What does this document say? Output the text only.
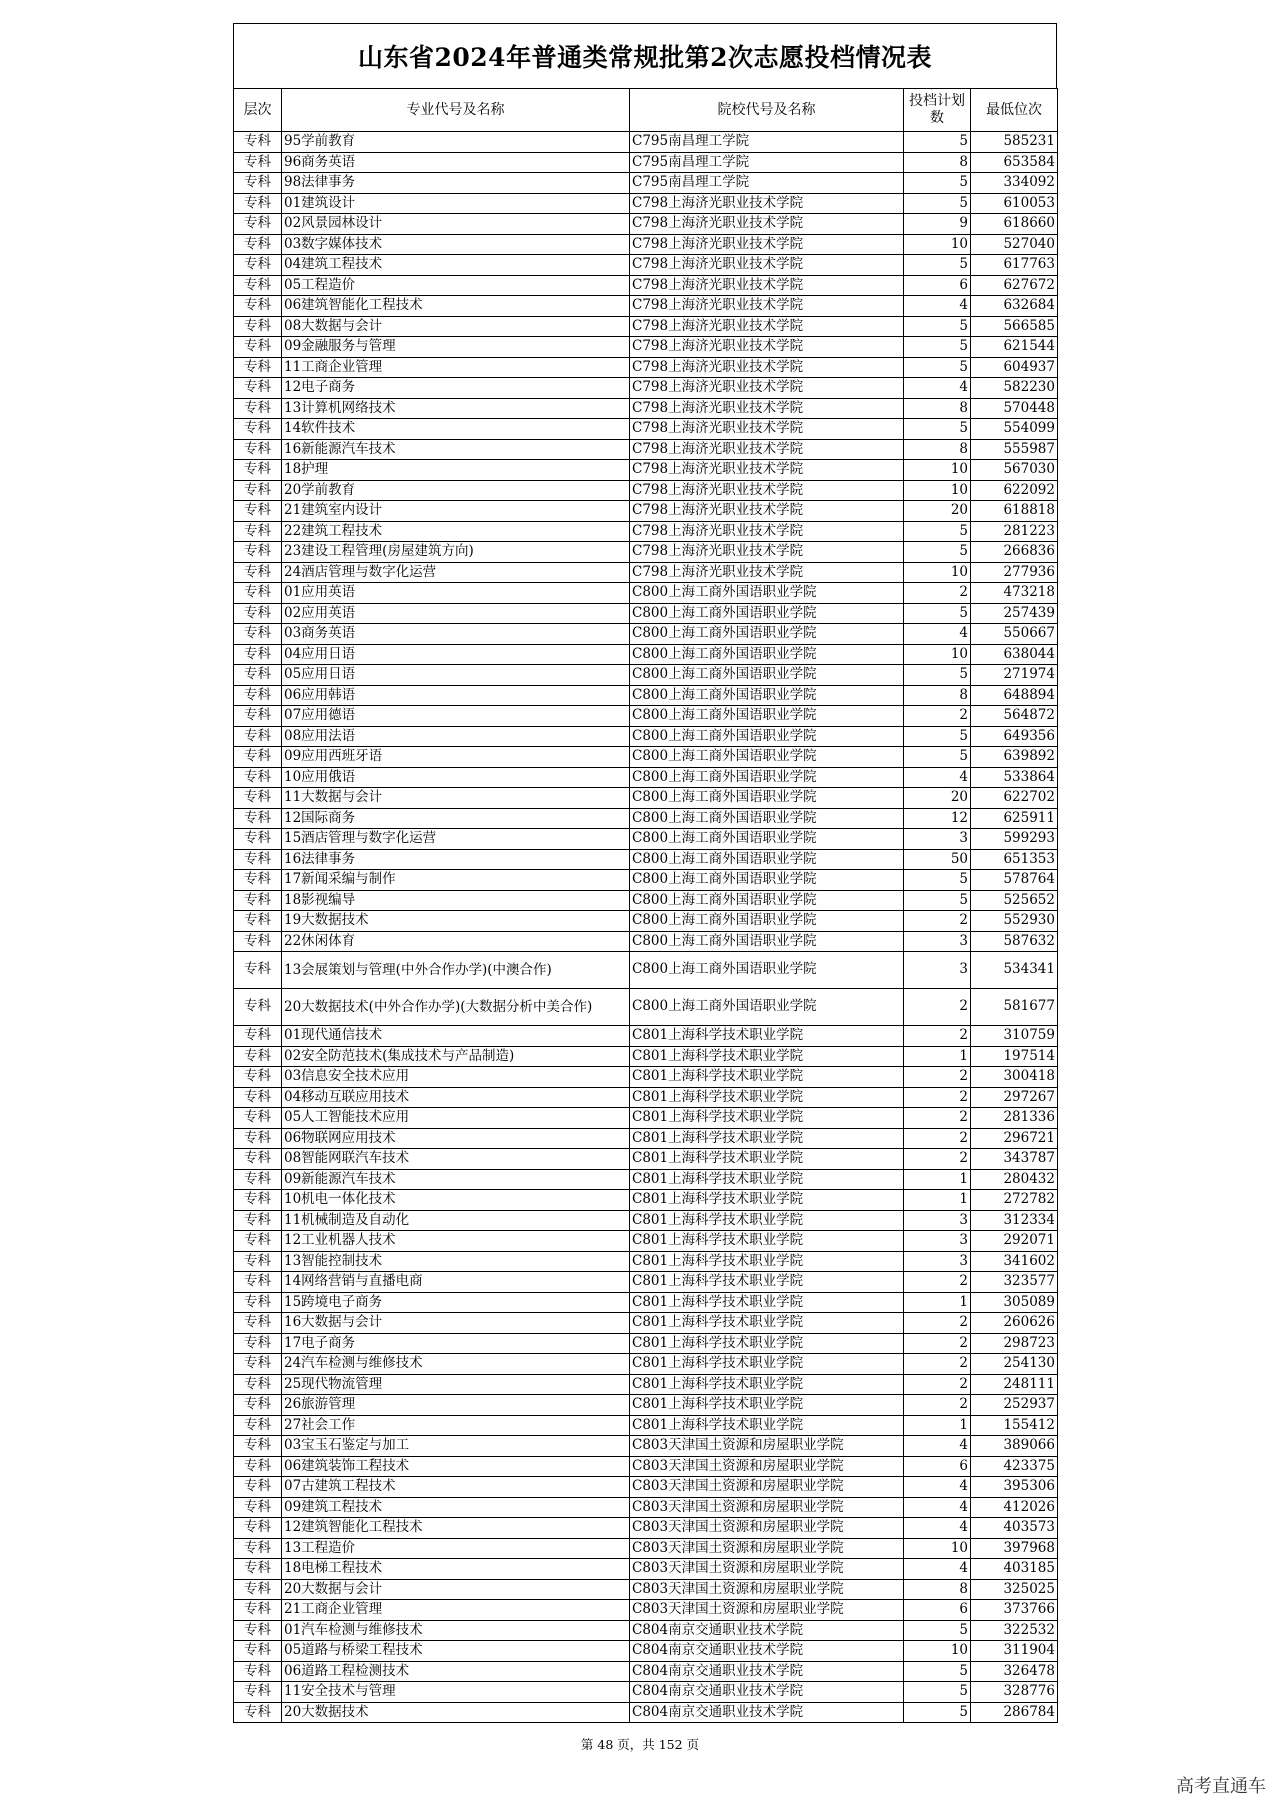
山东省2024年普通类常规批第2次志愿投档情况表
层次	专业代号及名称	院校代号及名称	投档计划数	最低位次
专科	95学前教育	C795南昌理工学院	5	585231
专科	96商务英语	C795南昌理工学院	8	653584
专科	98法律事务	C795南昌理工学院	5	334092
专科	01建筑设计	C798上海济光职业技术学院	5	610053
专科	02风景园林设计	C798上海济光职业技术学院	9	618660
专科	03数字媒体技术	C798上海济光职业技术学院	10	527040
专科	04建筑工程技术	C798上海济光职业技术学院	5	617763
专科	05工程造价	C798上海济光职业技术学院	6	627672
专科	06建筑智能化工程技术	C798上海济光职业技术学院	4	632684
专科	08大数据与会计	C798上海济光职业技术学院	5	566585
专科	09金融服务与管理	C798上海济光职业技术学院	5	621544
专科	11工商企业管理	C798上海济光职业技术学院	5	604937
专科	12电子商务	C798上海济光职业技术学院	4	582230
专科	13计算机网络技术	C798上海济光职业技术学院	8	570448
专科	14软件技术	C798上海济光职业技术学院	5	554099
专科	16新能源汽车技术	C798上海济光职业技术学院	8	555987
专科	18护理	C798上海济光职业技术学院	10	567030
专科	20学前教育	C798上海济光职业技术学院	10	622092
专科	21建筑室内设计	C798上海济光职业技术学院	20	618818
专科	22建筑工程技术	C798上海济光职业技术学院	5	281223
专科	23建设工程管理(房屋建筑方向)	C798上海济光职业技术学院	5	266836
专科	24酒店管理与数字化运营	C798上海济光职业技术学院	10	277936
专科	01应用英语	C800上海工商外国语职业学院	2	473218
专科	02应用英语	C800上海工商外国语职业学院	5	257439
专科	03商务英语	C800上海工商外国语职业学院	4	550667
专科	04应用日语	C800上海工商外国语职业学院	10	638044
专科	05应用日语	C800上海工商外国语职业学院	5	271974
专科	06应用韩语	C800上海工商外国语职业学院	8	648894
专科	07应用德语	C800上海工商外国语职业学院	2	564872
专科	08应用法语	C800上海工商外国语职业学院	5	649356
专科	09应用西班牙语	C800上海工商外国语职业学院	5	639892
专科	10应用俄语	C800上海工商外国语职业学院	4	533864
专科	11大数据与会计	C800上海工商外国语职业学院	20	622702
专科	12国际商务	C800上海工商外国语职业学院	12	625911
专科	15酒店管理与数字化运营	C800上海工商外国语职业学院	3	599293
专科	16法律事务	C800上海工商外国语职业学院	50	651353
专科	17新闻采编与制作	C800上海工商外国语职业学院	5	578764
专科	18影视编导	C800上海工商外国语职业学院	5	525652
专科	19大数据技术	C800上海工商外国语职业学院	2	552930
专科	22休闲体育	C800上海工商外国语职业学院	3	587632
专科	13会展策划与管理(中外合作办学)(中澳合作)	C800上海工商外国语职业学院	3	534341
专科	20大数据技术(中外合作办学)(大数据分析中美合作)	C800上海工商外国语职业学院	2	581677
专科	01现代通信技术	C801上海科学技术职业学院	2	310759
专科	02安全防范技术(集成技术与产品制造)	C801上海科学技术职业学院	1	197514
专科	03信息安全技术应用	C801上海科学技术职业学院	2	300418
专科	04移动互联应用技术	C801上海科学技术职业学院	2	297267
专科	05人工智能技术应用	C801上海科学技术职业学院	2	281336
专科	06物联网应用技术	C801上海科学技术职业学院	2	296721
专科	08智能网联汽车技术	C801上海科学技术职业学院	2	343787
专科	09新能源汽车技术	C801上海科学技术职业学院	1	280432
专科	10机电一体化技术	C801上海科学技术职业学院	1	272782
专科	11机械制造及自动化	C801上海科学技术职业学院	3	312334
专科	12工业机器人技术	C801上海科学技术职业学院	3	292071
专科	13智能控制技术	C801上海科学技术职业学院	3	341602
专科	14网络营销与直播电商	C801上海科学技术职业学院	2	323577
专科	15跨境电子商务	C801上海科学技术职业学院	1	305089
专科	16大数据与会计	C801上海科学技术职业学院	2	260626
专科	17电子商务	C801上海科学技术职业学院	2	298723
专科	24汽车检测与维修技术	C801上海科学技术职业学院	2	254130
专科	25现代物流管理	C801上海科学技术职业学院	2	248111
专科	26旅游管理	C801上海科学技术职业学院	2	252937
专科	27社会工作	C801上海科学技术职业学院	1	155412
专科	03宝玉石鉴定与加工	C803天津国土资源和房屋职业学院	4	389066
专科	06建筑装饰工程技术	C803天津国土资源和房屋职业学院	6	423375
专科	07古建筑工程技术	C803天津国土资源和房屋职业学院	4	395306
专科	09建筑工程技术	C803天津国土资源和房屋职业学院	4	412026
专科	12建筑智能化工程技术	C803天津国土资源和房屋职业学院	4	403573
专科	13工程造价	C803天津国土资源和房屋职业学院	10	397968
专科	18电梯工程技术	C803天津国土资源和房屋职业学院	4	403185
专科	20大数据与会计	C803天津国土资源和房屋职业学院	8	325025
专科	21工商企业管理	C803天津国土资源和房屋职业学院	6	373766
专科	01汽车检测与维修技术	C804南京交通职业技术学院	5	322532
专科	05道路与桥梁工程技术	C804南京交通职业技术学院	10	311904
专科	06道路工程检测技术	C804南京交通职业技术学院	5	326478
专科	11安全技术与管理	C804南京交通职业技术学院	5	328776
专科	20大数据技术	C804南京交通职业技术学院	5	286784
第 48 页，共 152 页
高考直通车
